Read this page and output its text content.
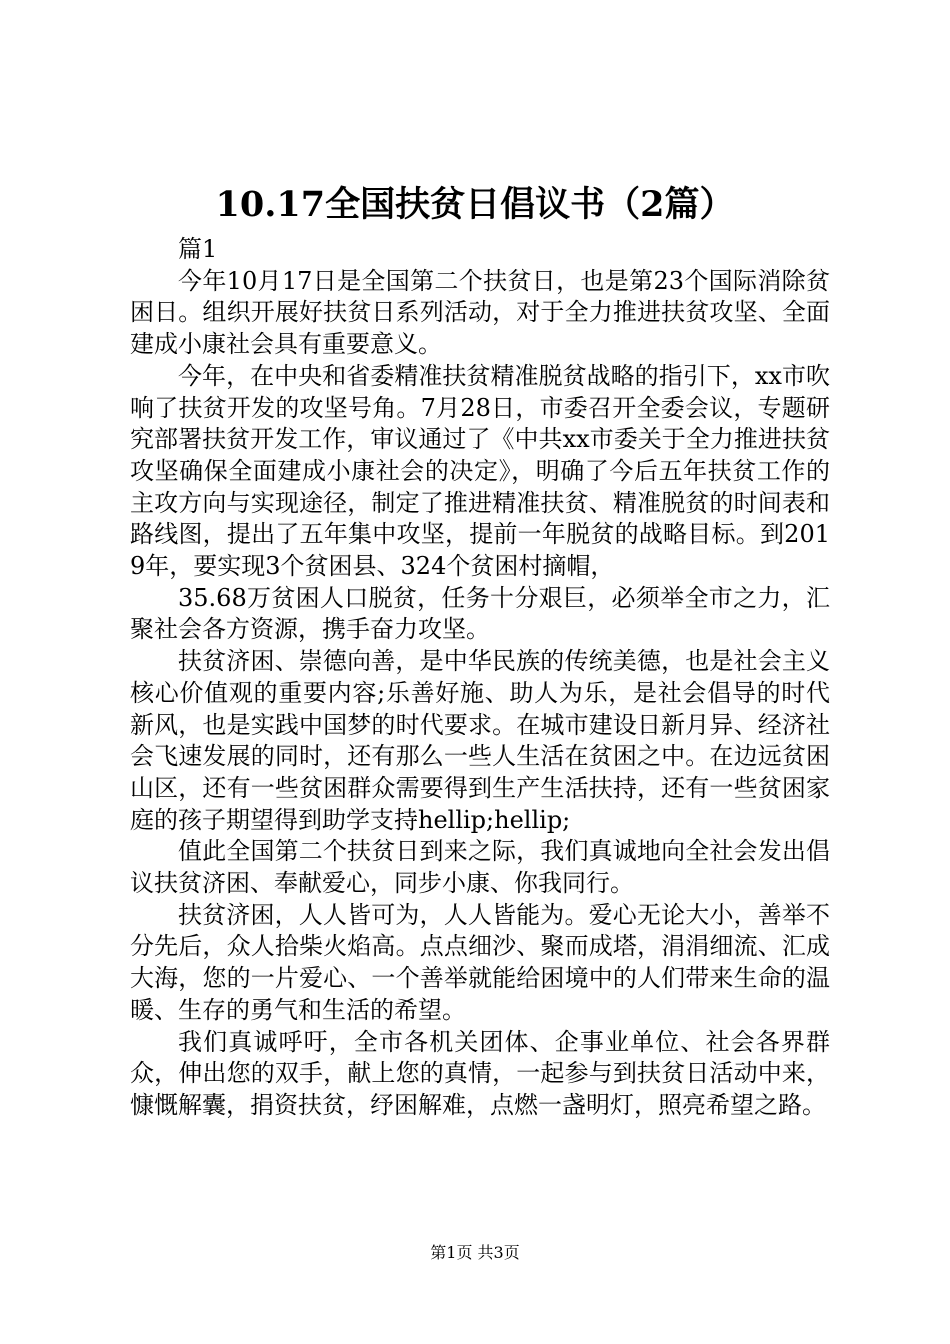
10.17全国扶贫日倡议书（2篇）

篇1

今年10月17日是全国第二个扶贫日，也是第23个国际消除贫困日。组织开展好扶贫日系列活动，对于全力推进扶贫攻坚、全面建成小康社会具有重要意义。

今年，在中央和省委精准扶贫精准脱贫战略的指引下，xx市吹响了扶贫开发的攻坚号角。7月28日，市委召开全委会议，专题研究部署扶贫开发工作，审议通过了《中共xx市委关于全力推进扶贫攻坚确保全面建成小康社会的决定》，明确了今后五年扶贫工作的主攻方向与实现途径，制定了推进精准扶贫、精准脱贫的时间表和路线图，提出了五年集中攻坚，提前一年脱贫的战略目标。到2019年，要实现3个贫困县、324个贫困村摘帽，

35.68万贫困人口脱贫，任务十分艰巨，必须举全市之力，汇聚社会各方资源，携手奋力攻坚。

扶贫济困、崇德向善，是中华民族的传统美德，也是社会主义核心价值观的重要内容;乐善好施、助人为乐，是社会倡导的时代新风，也是实践中国梦的时代要求。在城市建设日新月异、经济社会飞速发展的同时，还有那么一些人生活在贫困之中。在边远贫困山区，还有一些贫困群众需要得到生产生活扶持，还有一些贫困家庭的孩子期望得到助学支持hellip;hellip;

值此全国第二个扶贫日到来之际，我们真诚地向全社会发出倡议扶贫济困、奉献爱心，同步小康、你我同行。

扶贫济困，人人皆可为，人人皆能为。爱心无论大小，善举不分先后，众人拾柴火焰高。点点细沙、聚而成塔，涓涓细流、汇成大海，您的一片爱心、一个善举就能给困境中的人们带来生命的温暖、生存的勇气和生活的希望。

我们真诚呼吁，全市各机关团体、企事业单位、社会各界群众，伸出您的双手，献上您的真情，一起参与到扶贫日活动中来，慷慨解囊，捐资扶贫，纾困解难，点燃一盏明灯，照亮希望之路。

第1页 共3页
